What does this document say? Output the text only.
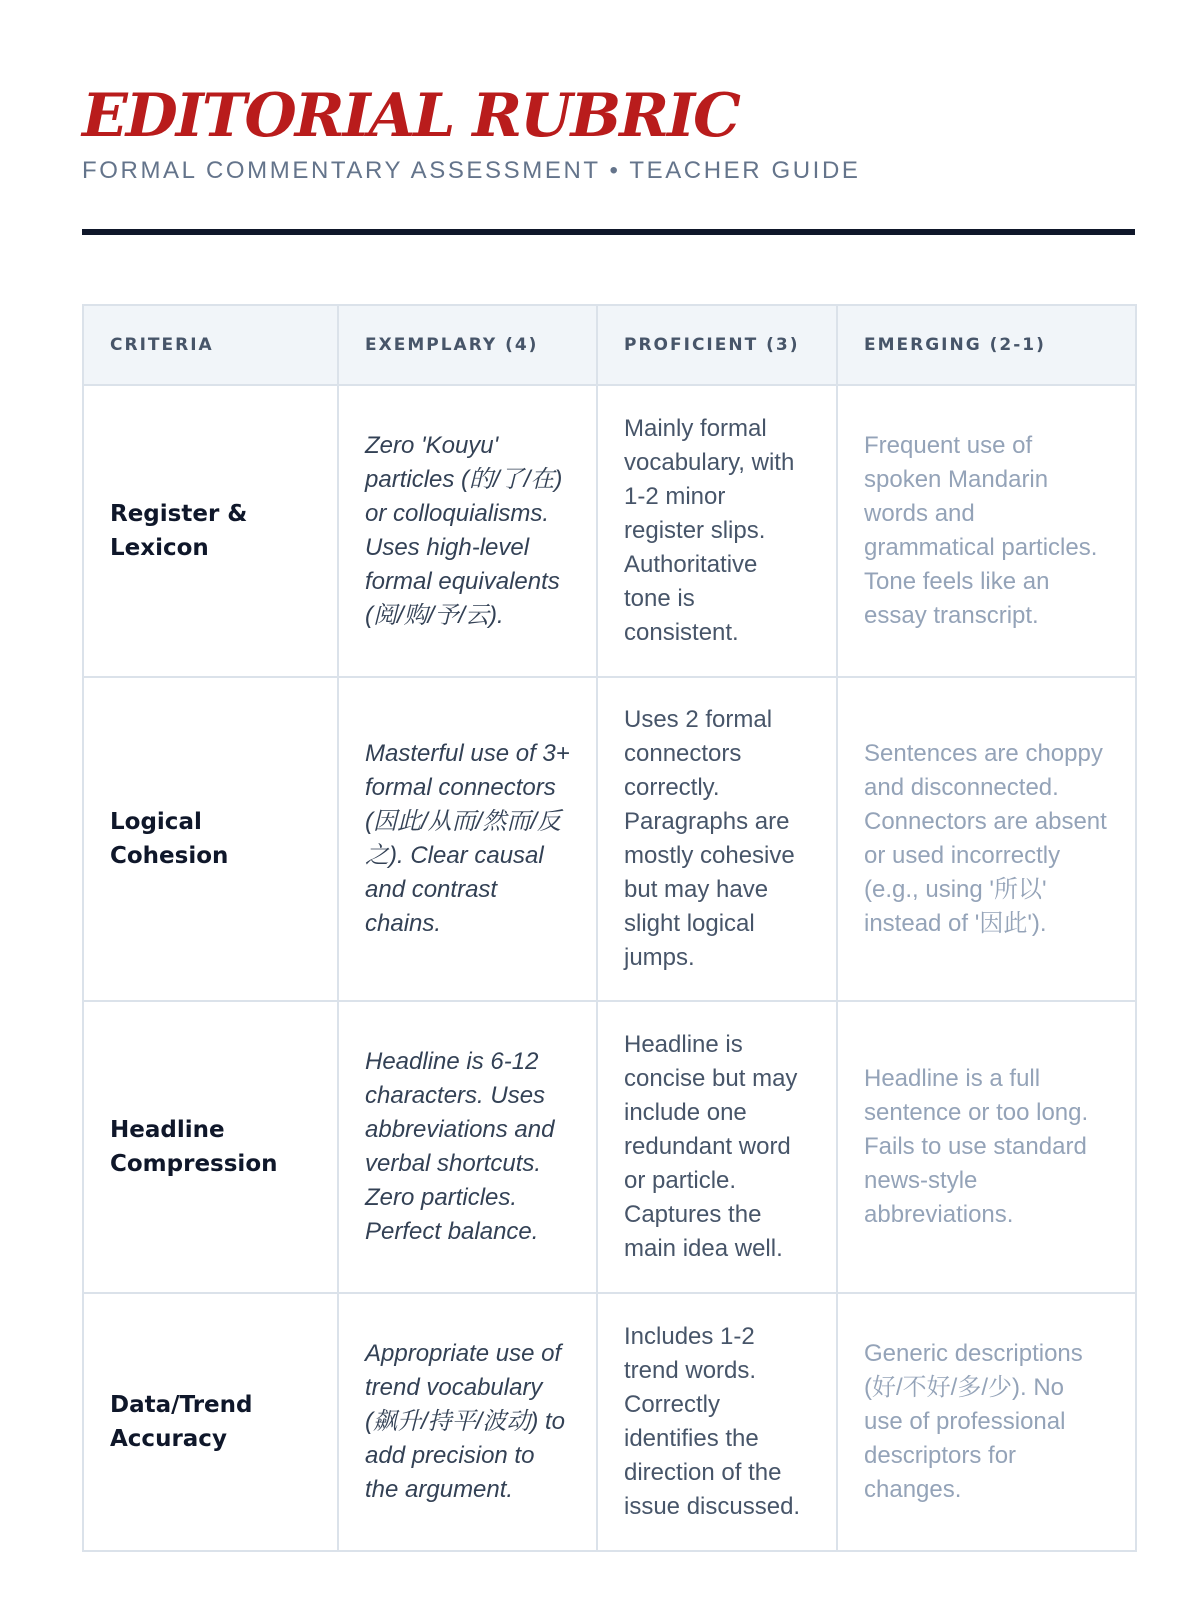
EDITORIAL RUBRIC
FORMAL COMMENTARY ASSESSMENT • TEACHER GUIDE
CRITERIA	EXEMPLARY (4)	PROFICIENT (3)	EMERGING (2-1)
Register & Lexicon	Zero 'Kouyu' particles (的/了/在) or colloquialisms. Uses high-level formal equivalents (阅/购/予/云).	Mainly formal vocabulary, with 1-2 minor register slips. Authoritative tone is consistent.	Frequent use of spoken Mandarin words and grammatical particles. Tone feels like an essay transcript.
Logical Cohesion	Masterful use of 3+ formal connectors (因此/从而/然而/反之). Clear causal and contrast chains.	Uses 2 formal connectors correctly. Paragraphs are mostly cohesive but may have slight logical jumps.	Sentences are choppy and disconnected. Connectors are absent or used incorrectly (e.g., using '所以' instead of '因此').
Headline Compression	Headline is 6-12 characters. Uses abbreviations and verbal shortcuts. Zero particles. Perfect balance.	Headline is concise but may include one redundant word or particle. Captures the main idea well.	Headline is a full sentence or too long. Fails to use standard news-style abbreviations.
Data/Trend Accuracy	Appropriate use of trend vocabulary (飙升/持平/波动) to add precision to the argument.	Includes 1-2 trend words. Correctly identifies the direction of the issue discussed.	Generic descriptions (好/不好/多/少). No use of professional descriptors for changes.
